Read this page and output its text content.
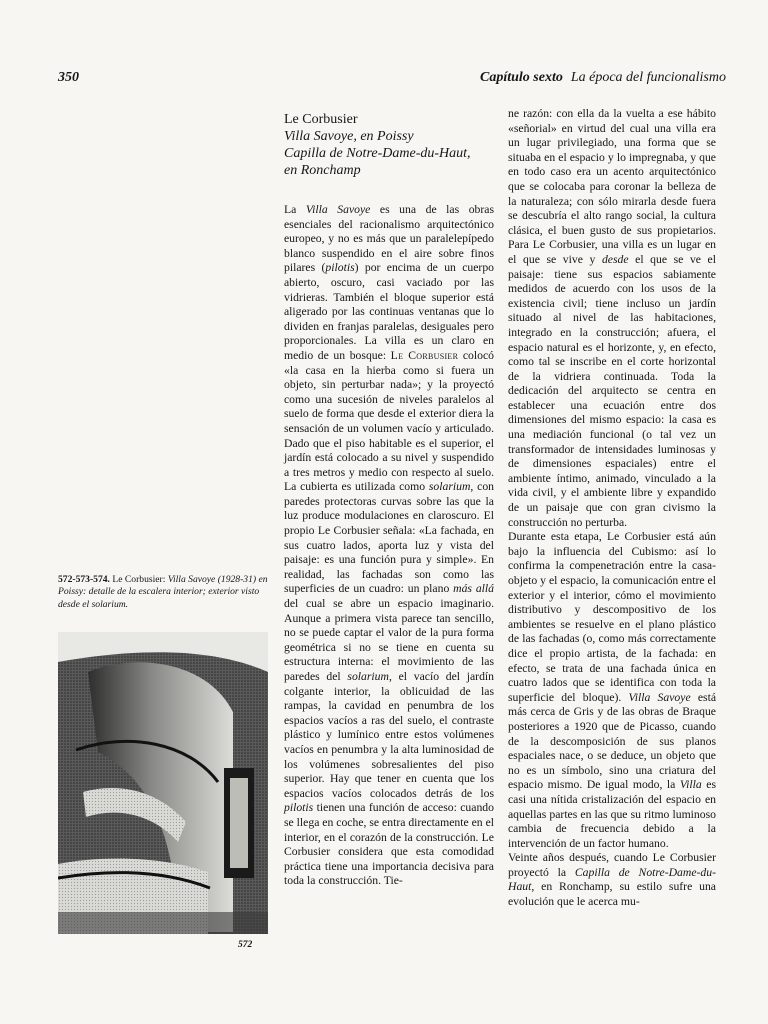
350	Capítulo sexto La época del funcionalismo
Le Corbusier
Villa Savoye, en Poissy
Capilla de Notre-Dame-du-Haut,
en Ronchamp
572-573-574. Le Corbusier: Villa Savoye (1928-31) en Poissy: detalle de la escalera interior; exterior visto desde el solarium.
572

La Villa Savoye es una de las obras esenciales del racionalismo arquitectónico europeo, y no es más que un paralelepípedo blanco suspendido en el aire sobre finos pilares (pilotis) por encima de un cuerpo abierto, oscuro, casi vaciado por las vidrieras. También el bloque superior está aligerado por las continuas ventanas que lo dividen en franjas paralelas, desiguales pero proporcionales. La villa es un claro en medio de un bosque: Le Corbusier colocó «la casa en la hierba como si fuera un objeto, sin perturbar nada»; y la proyectó como una sucesión de niveles paralelos al suelo de forma que desde el exterior diera la sensación de un volumen vacío y articulado. Dado que el piso habitable es el superior, el jardín está colocado a su nivel y suspendido a tres metros y medio con respecto al suelo. La cubierta es utilizada como solarium, con paredes protectoras curvas sobre las que la luz produce modulaciones en claroscuro. El propio Le Corbusier señala: «La fachada, en sus cuatro lados, aporta luz y vista del paisaje: es una función pura y simple». En realidad, las fachadas son como las superficies de un cuadro: un plano más allá del cual se abre un espacio imaginario. Aunque a primera vista parece tan sencillo, no se puede captar el valor de la pura forma geométrica si no se tiene en cuenta su estructura interna: el movimiento de las paredes del solarium, el vacío del jardín colgante interior, la oblicuidad de las rampas, la cavidad en penumbra de los espacios vacíos a ras del suelo, el contraste plástico y lumínico entre estos volúmenes vacíos en penumbra y la alta luminosidad de los volúmenes sobresalientes del piso superior. Hay que tener en cuenta que los espacios vacíos colocados detrás de los pilotis tienen una función de acceso: cuando se llega en coche, se entra directamente en el interior, en el corazón de la construcción. Le Corbusier considera que esta comodidad práctica tiene una importancia decisiva para toda la construcción. Tie-

ne razón: con ella da la vuelta a ese hábito «señorial» en virtud del cual una villa era un lugar privilegiado, una forma que se situaba en el espacio y lo impregnaba, y que en todo caso era un acento arquitectónico que se colocaba para coronar la belleza de la naturaleza; con sólo mirarla desde fuera se descubría el alto rango social, la cultura clásica, el buen gusto de sus propietarios. Para Le Corbusier, una villa es un lugar en el que se vive y desde el que se ve el paisaje: tiene sus espacios sabiamente medidos de acuerdo con los usos de la existencia civil; tiene incluso un jardín situado al nivel de las habitaciones, integrado en la construcción; afuera, el espacio natural es el horizonte, y, en efecto, como tal se inscribe en el corte horizontal de la vidriera continuada. Toda la dedicación del arquitecto se centra en establecer una ecuación entre dos dimensiones del mismo espacio: la casa es una mediación funcional (o tal vez un transformador de intensidades luminosas y de dimensiones espaciales) entre el ambiente íntimo, animado, vinculado a la vida civil, y el ambiente libre y expandido de un paisaje que con gran civismo la construcción no perturba.

Durante esta etapa, Le Corbusier está aún bajo la influencia del Cubismo: así lo confirma la compenetración entre la casa-objeto y el espacio, la comunicación entre el exterior y el interior, cómo el movimiento distributivo y descompositivo de los ambientes se resuelve en el plano plástico de las fachadas (o, como más correctamente dice el propio artista, de la fachada: en efecto, se trata de una fachada única en cuatro lados que se identifica con toda la superficie del bloque). Villa Savoye está más cerca de Gris y de las obras de Braque posteriores a 1920 que de Picasso, cuando de la descomposición de sus planos espaciales nace, o se deduce, un objeto que no es un símbolo, sino una criatura del espacio mismo. De igual modo, la Villa es casi una nítida cristalización del espacio en aquellas partes en las que su ritmo luminoso cambia de frecuencia debido a la intervención de un factor humano.

Veinte años después, cuando Le Corbusier proyectó la Capilla de Notre-Dame-du-Haut, en Ronchamp, su estilo sufre una evolución que le acerca mu-
